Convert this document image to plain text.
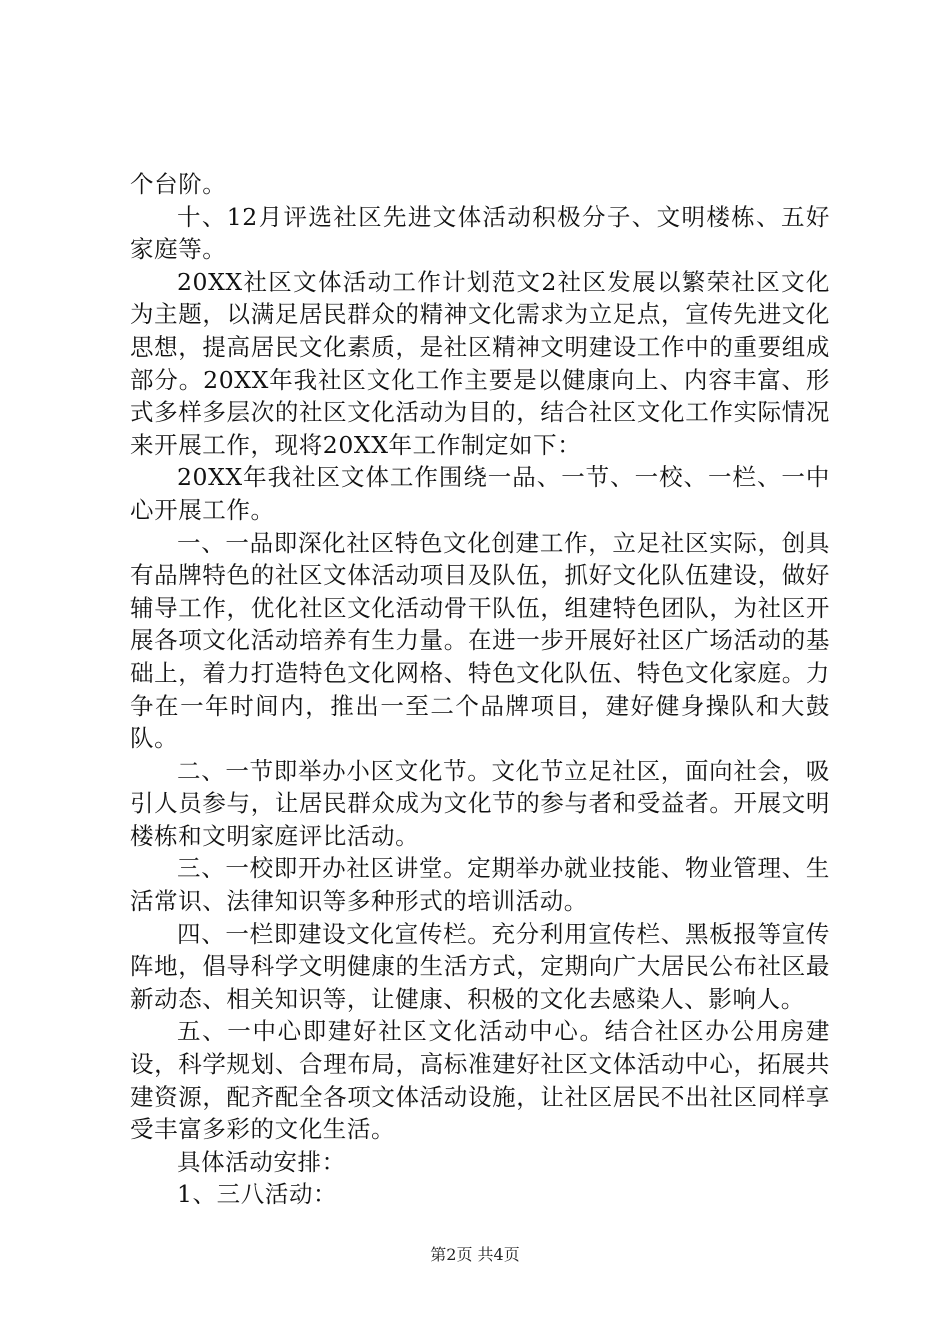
个台阶。

十、12月评选社区先进文体活动积极分子、文明楼栋、五好家庭等。

20XX社区文体活动工作计划范文2社区发展以繁荣社区文化为主题，以满足居民群众的精神文化需求为立足点，宣传先进文化思想，提高居民文化素质，是社区精神文明建设工作中的重要组成部分。20XX年我社区文化工作主要是以健康向上、内容丰富、形式多样多层次的社区文化活动为目的，结合社区文化工作实际情况来开展工作，现将20XX年工作制定如下：

20XX年我社区文体工作围绕一品、一节、一校、一栏、一中心开展工作。

一、一品即深化社区特色文化创建工作，立足社区实际，创具有品牌特色的社区文体活动项目及队伍，抓好文化队伍建设，做好辅导工作，优化社区文化活动骨干队伍，组建特色团队，为社区开展各项文化活动培养有生力量。在进一步开展好社区广场活动的基础上，着力打造特色文化网格、特色文化队伍、特色文化家庭。力争在一年时间内，推出一至二个品牌项目，建好健身操队和大鼓队。

二、一节即举办小区文化节。文化节立足社区，面向社会，吸引人员参与，让居民群众成为文化节的参与者和受益者。开展文明楼栋和文明家庭评比活动。

三、一校即开办社区讲堂。定期举办就业技能、物业管理、生活常识、法律知识等多种形式的培训活动。

四、一栏即建设文化宣传栏。充分利用宣传栏、黑板报等宣传阵地，倡导科学文明健康的生活方式，定期向广大居民公布社区最新动态、相关知识等，让健康、积极的文化去感染人、影响人。

五、一中心即建好社区文化活动中心。结合社区办公用房建设，科学规划、合理布局，高标准建好社区文体活动中心，拓展共建资源，配齐配全各项文体活动设施，让社区居民不出社区同样享受丰富多彩的文化生活。

具体活动安排：

1、三八活动：

第2页 共4页
